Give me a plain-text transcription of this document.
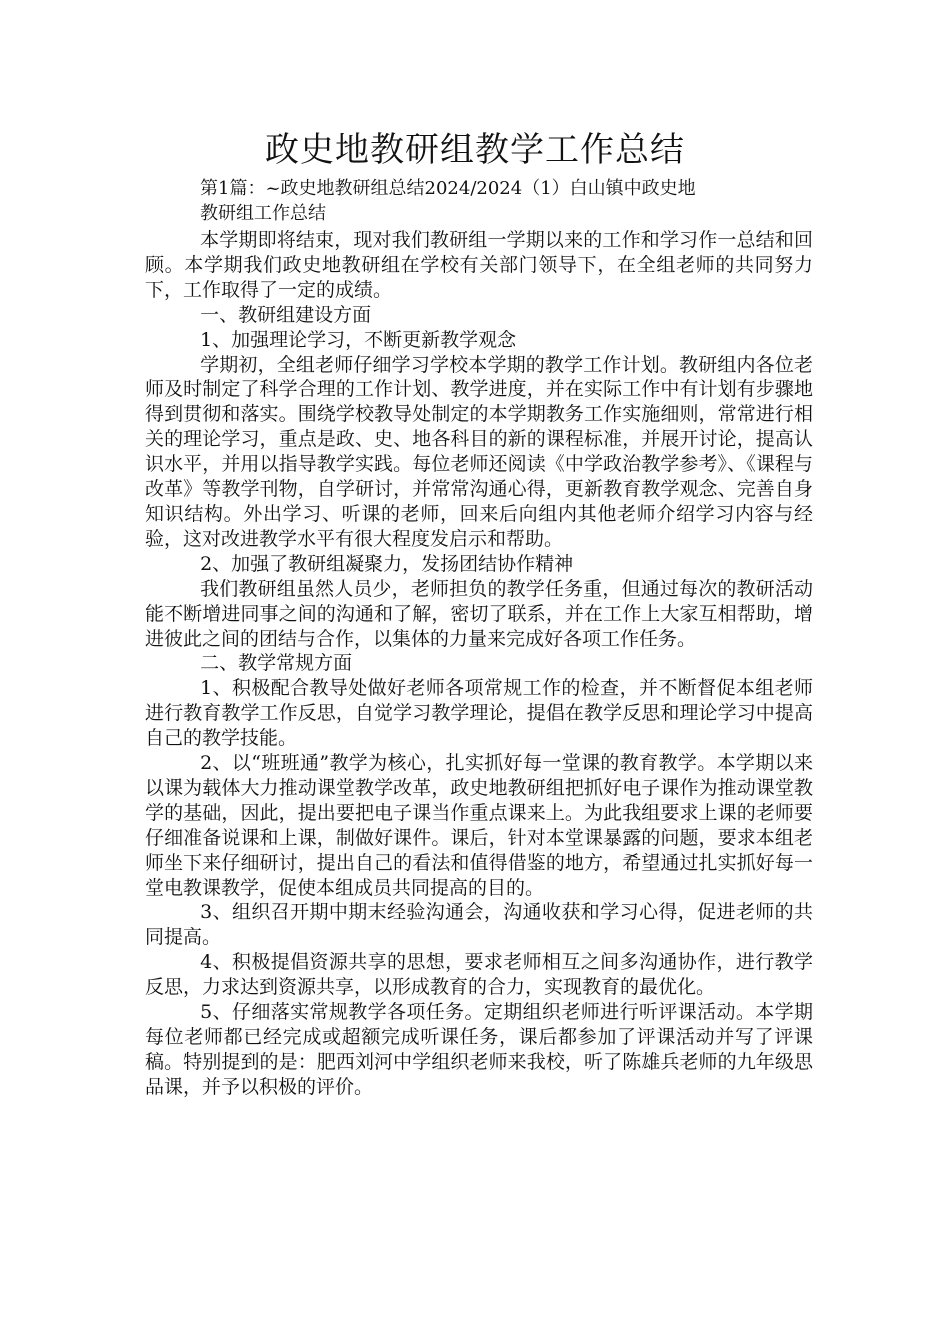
政史地教研组教学工作总结
第1篇：~政史地教研组总结2024/2024（1）白山镇中政史地
教研组工作总结

本学期即将结束，现对我们教研组一学期以来的工作和学习作一总结和回顾。本学期我们政史地教研组在学校有关部门领导下，在全组老师的共同努力下，工作取得了一定的成绩。

一、教研组建设方面

1、加强理论学习，不断更新教学观念

学期初，全组老师仔细学习学校本学期的教学工作计划。教研组内各位老师及时制定了科学合理的工作计划、教学进度，并在实际工作中有计划有步骤地得到贯彻和落实。围绕学校教导处制定的本学期教务工作实施细则，常常进行相关的理论学习，重点是政、史、地各科目的新的课程标准，并展开讨论，提高认识水平，并用以指导教学实践。每位老师还阅读《中学政治教学参考》、《课程与改革》等教学刊物，自学研讨，并常常沟通心得，更新教育教学观念、完善自身知识结构。外出学习、听课的老师，回来后向组内其他老师介绍学习内容与经验，这对改进教学水平有很大程度发启示和帮助。

2、加强了教研组凝聚力，发扬团结协作精神

我们教研组虽然人员少，老师担负的教学任务重，但通过每次的教研活动能不断增进同事之间的沟通和了解，密切了联系，并在工作上大家互相帮助，增进彼此之间的团结与合作，以集体的力量来完成好各项工作任务。

二、教学常规方面

1、积极配合教导处做好老师各项常规工作的检查，并不断督促本组老师进行教育教学工作反思，自觉学习教学理论，提倡在教学反思和理论学习中提高自己的教学技能。

2、以“班班通”教学为核心，扎实抓好每一堂课的教育教学。本学期以来以课为载体大力推动课堂教学改革，政史地教研组把抓好电子课作为推动课堂教学的基础，因此，提出要把电子课当作重点课来上。为此我组要求上课的老师要仔细准备说课和上课，制做好课件。课后，针对本堂课暴露的问题，要求本组老师坐下来仔细研讨，提出自己的看法和值得借鉴的地方，希望通过扎实抓好每一堂电教课教学，促使本组成员共同提高的目的。

3、组织召开期中期末经验沟通会，沟通收获和学习心得，促进老师的共同提高。

4、积极提倡资源共享的思想，要求老师相互之间多沟通协作，进行教学反思，力求达到资源共享，以形成教育的合力，实现教育的最优化。

5、仔细落实常规教学各项任务。定期组织老师进行听评课活动。本学期每位老师都已经完成或超额完成听课任务，课后都参加了评课活动并写了评课稿。特别提到的是：肥西刘河中学组织老师来我校，听了陈雄兵老师的九年级思品课，并予以积极的评价。
